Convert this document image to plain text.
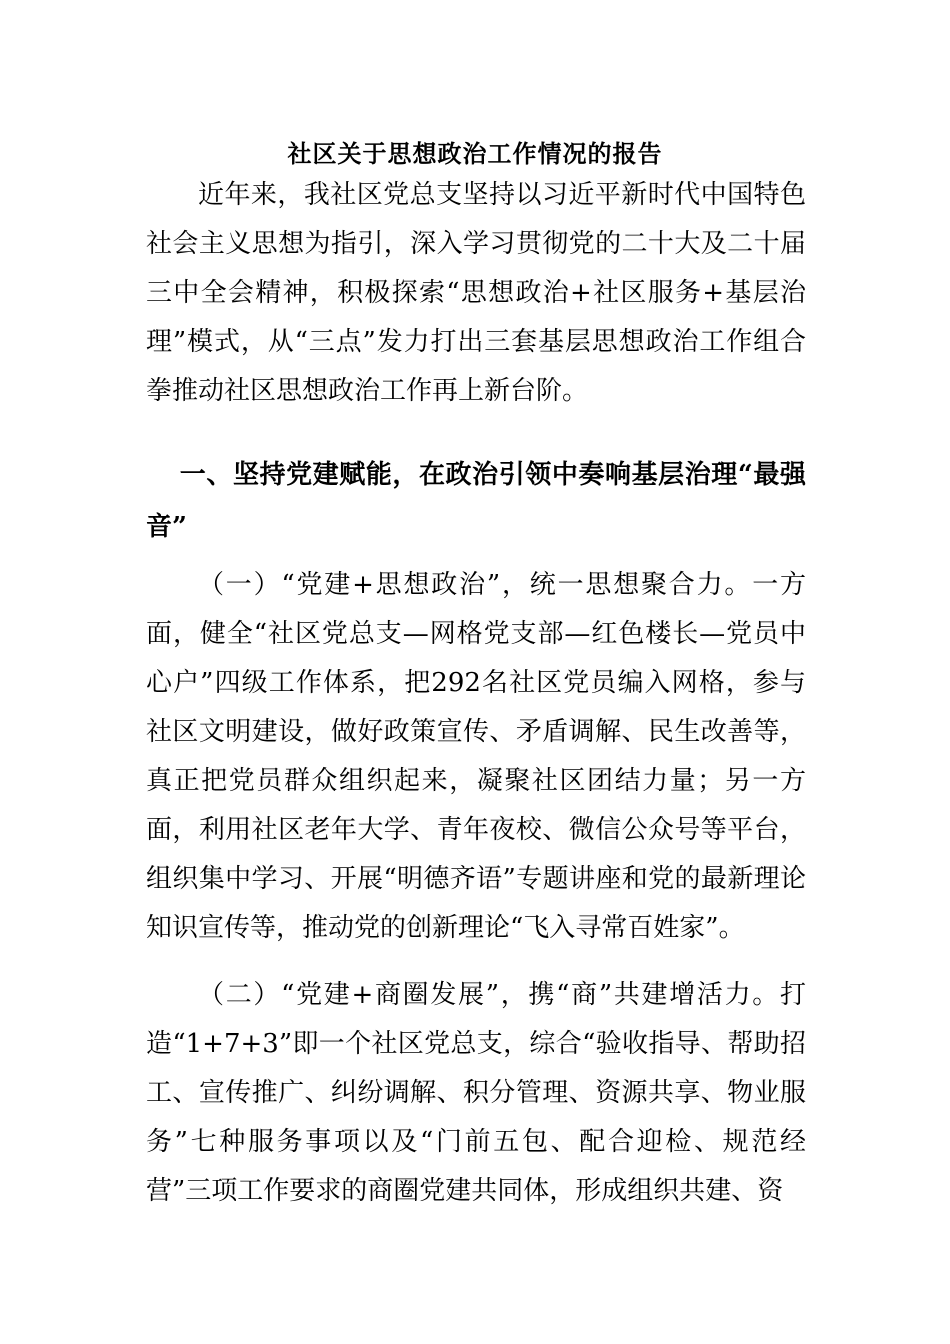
社区关于思想政治工作情况的报告

近年来，我社区党总支坚持以习近平新时代中国特色社会主义思想为指引，深入学习贯彻党的二十大及二十届三中全会精神，积极探索“思想政治+社区服务+基层治理”模式，从“三点”发力打出三套基层思想政治工作组合拳推动社区思想政治工作再上新台阶。

一、坚持党建赋能，在政治引领中奏响基层治理“最强音”

（一）“党建+思想政治”，统一思想聚合力。一方面，健全“社区党总支—网格党支部—红色楼长—党员中心户”四级工作体系，把292名社区党员编入网格，参与社区文明建设，做好政策宣传、矛盾调解、民生改善等，真正把党员群众组织起来，凝聚社区团结力量；另一方面，利用社区老年大学、青年夜校、微信公众号等平台，组织集中学习、开展“明德齐语”专题讲座和党的最新理论知识宣传等，推动党的创新理论“飞入寻常百姓家”。

（二）“党建+商圈发展”，携“商”共建增活力。打造“1+7+3”即一个社区党总支，综合“验收指导、帮助招工、宣传推广、纠纷调解、积分管理、资源共享、物业服务”七种服务事项以及“门前五包、配合迎检、规范经营”三项工作要求的商圈党建共同体，形成组织共建、资
